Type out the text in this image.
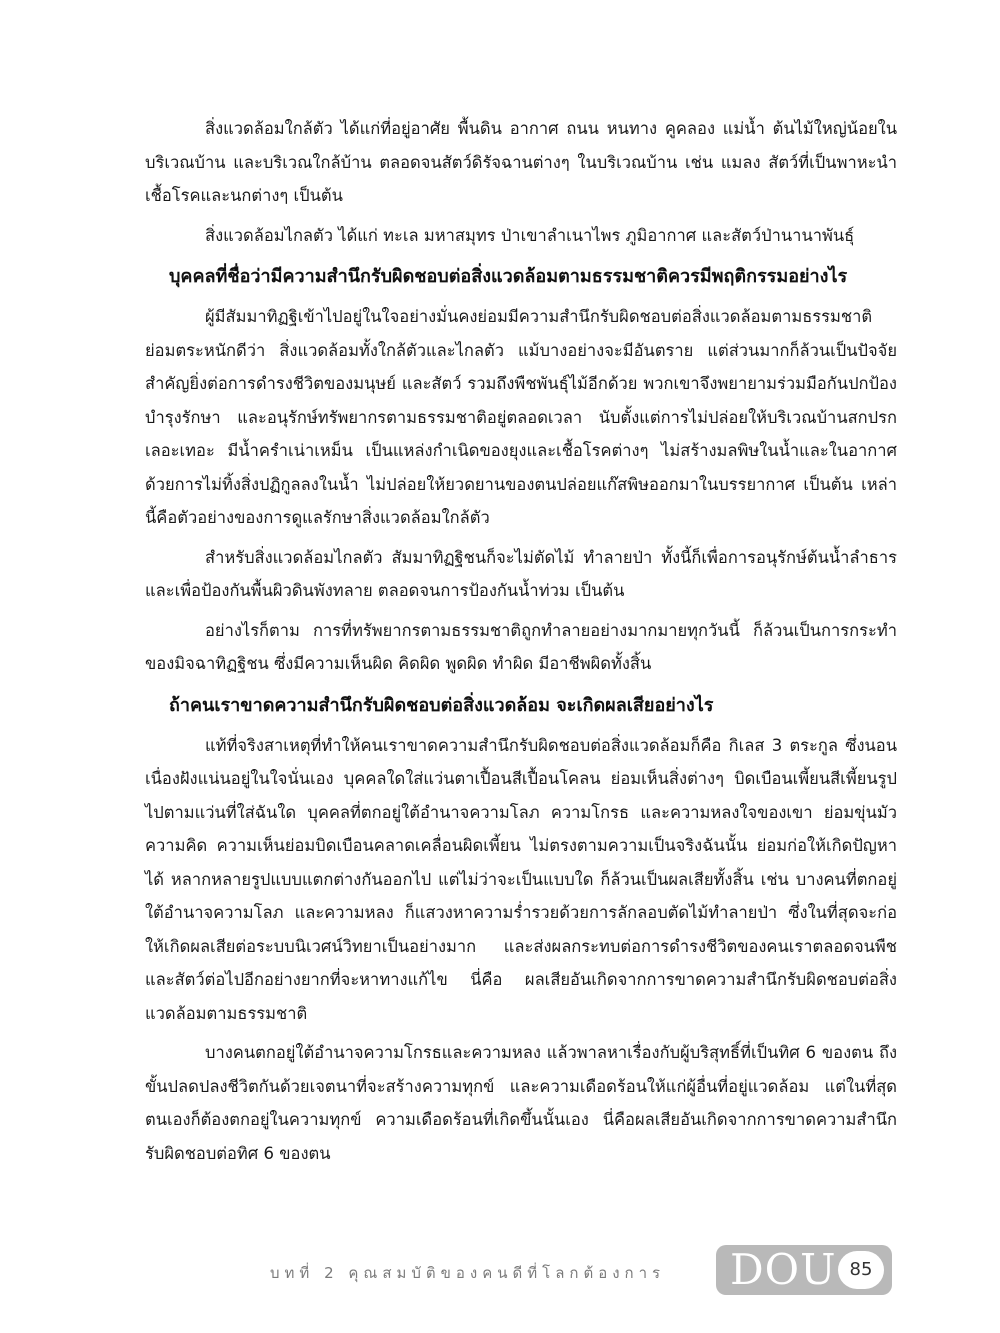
สิ่งแวดล้อมใกล้ตัว ได้แก่ที่อยู่อาศัย พื้นดิน อากาศ ถนน หนทาง คูคลอง แม่น้ำ ต้นไม้ใหญ่น้อยในบริเวณบ้าน และบริเวณใกล้บ้าน ตลอดจนสัตว์ดิรัจฉานต่างๆ ในบริเวณบ้าน เช่น แมลง สัตว์ที่เป็นพาหะนำเชื้อโรคและนกต่างๆ เป็นต้น

สิ่งแวดล้อมไกลตัว ได้แก่ ทะเล มหาสมุทร ป่าเขาลำเนาไพร ภูมิอากาศ และสัตว์ป่านานาพันธุ์

บุคคลที่ชื่อว่ามีความสำนึกรับผิดชอบต่อสิ่งแวดล้อมตามธรรมชาติควรมีพฤติกรรมอย่างไร

ผู้มีสัมมาทิฏฐิเข้าไปอยู่ในใจอย่างมั่นคงย่อมมีความสำนึกรับผิดชอบต่อสิ่งแวดล้อมตามธรรมชาติ ย่อมตระหนักดีว่า สิ่งแวดล้อมทั้งใกล้ตัวและไกลตัว แม้บางอย่างจะมีอันตราย แต่ส่วนมากก็ล้วนเป็นปัจจัยสำคัญยิ่งต่อการดำรงชีวิตของมนุษย์ และสัตว์ รวมถึงพืชพันธุ์ไม้อีกด้วย พวกเขาจึงพยายามร่วมมือกันปกป้อง บำรุงรักษา และอนุรักษ์ทรัพยากรตามธรรมชาติอยู่ตลอดเวลา นับตั้งแต่การไม่ปล่อยให้บริเวณบ้านสกปรก เลอะเทอะ มีน้ำครำเน่าเหม็น เป็นแหล่งกำเนิดของยุงและเชื้อโรคต่างๆ ไม่สร้างมลพิษในน้ำและในอากาศ ด้วยการไม่ทิ้งสิ่งปฏิกูลลงในน้ำ ไม่ปล่อยให้ยวดยานของตนปล่อยแก๊สพิษออกมาในบรรยากาศ เป็นต้น เหล่านี้คือตัวอย่างของการดูแลรักษาสิ่งแวดล้อมใกล้ตัว

สำหรับสิ่งแวดล้อมไกลตัว สัมมาทิฏฐิชนก็จะไม่ตัดไม้ ทำลายป่า ทั้งนี้ก็เพื่อการอนุรักษ์ต้นน้ำลำธาร และเพื่อป้องกันพื้นผิวดินพังทลาย ตลอดจนการป้องกันน้ำท่วม เป็นต้น

อย่างไรก็ตาม การที่ทรัพยากรตามธรรมชาติถูกทำลายอย่างมากมายทุกวันนี้ ก็ล้วนเป็นการกระทำของมิจฉาทิฏฐิชน ซึ่งมีความเห็นผิด คิดผิด พูดผิด ทำผิด มีอาชีพผิดทั้งสิ้น

ถ้าคนเราขาดความสำนึกรับผิดชอบต่อสิ่งแวดล้อม จะเกิดผลเสียอย่างไร

แท้ที่จริงสาเหตุที่ทำให้คนเราขาดความสำนึกรับผิดชอบต่อสิ่งแวดล้อมก็คือ กิเลส 3 ตระกูล ซึ่งนอนเนื่องฝังแน่นอยู่ในใจนั่นเอง บุคคลใดใส่แว่นตาเปื้อนสีเปื้อนโคลน ย่อมเห็นสิ่งต่างๆ บิดเบือนเพี้ยนสีเพี้ยนรูปไปตามแว่นที่ใส่ฉันใด บุคคลที่ตกอยู่ใต้อำนาจความโลภ ความโกรธ และความหลงใจของเขา ย่อมขุ่นมัว ความคิด ความเห็นย่อมบิดเบือนคลาดเคลื่อนผิดเพี้ยน ไม่ตรงตามความเป็นจริงฉันนั้น ย่อมก่อให้เกิดปัญหาได้ หลากหลายรูปแบบแตกต่างกันออกไป แต่ไม่ว่าจะเป็นแบบใด ก็ล้วนเป็นผลเสียทั้งสิ้น เช่น บางคนที่ตกอยู่ใต้อำนาจความโลภ และความหลง ก็แสวงหาความร่ำรวยด้วยการลักลอบตัดไม้ทำลายป่า ซึ่งในที่สุดจะก่อให้เกิดผลเสียต่อระบบนิเวศน์วิทยาเป็นอย่างมาก และส่งผลกระทบต่อการดำรงชีวิตของคนเราตลอดจนพืชและสัตว์ต่อไปอีกอย่างยากที่จะหาทางแก้ไข นี่คือ ผลเสียอันเกิดจากการขาดความสำนึกรับผิดชอบต่อสิ่งแวดล้อมตามธรรมชาติ

บางคนตกอยู่ใต้อำนาจความโกรธและความหลง แล้วพาลหาเรื่องกับผู้บริสุทธิ์ที่เป็นทิศ 6 ของตน ถึงขั้นปลดปลงชีวิตกันด้วยเจตนาที่จะสร้างความทุกข์ และความเดือดร้อนให้แก่ผู้อื่นที่อยู่แวดล้อม แต่ในที่สุดตนเองก็ต้องตกอยู่ในความทุกข์ ความเดือดร้อนที่เกิดขึ้นนั้นเอง นี่คือผลเสียอันเกิดจากการขาดความสำนึกรับผิดชอบต่อทิศ 6 ของตน

บทที่ 2 คุณสมบัติของคนดีที่โลกต้องการ DOU 85
